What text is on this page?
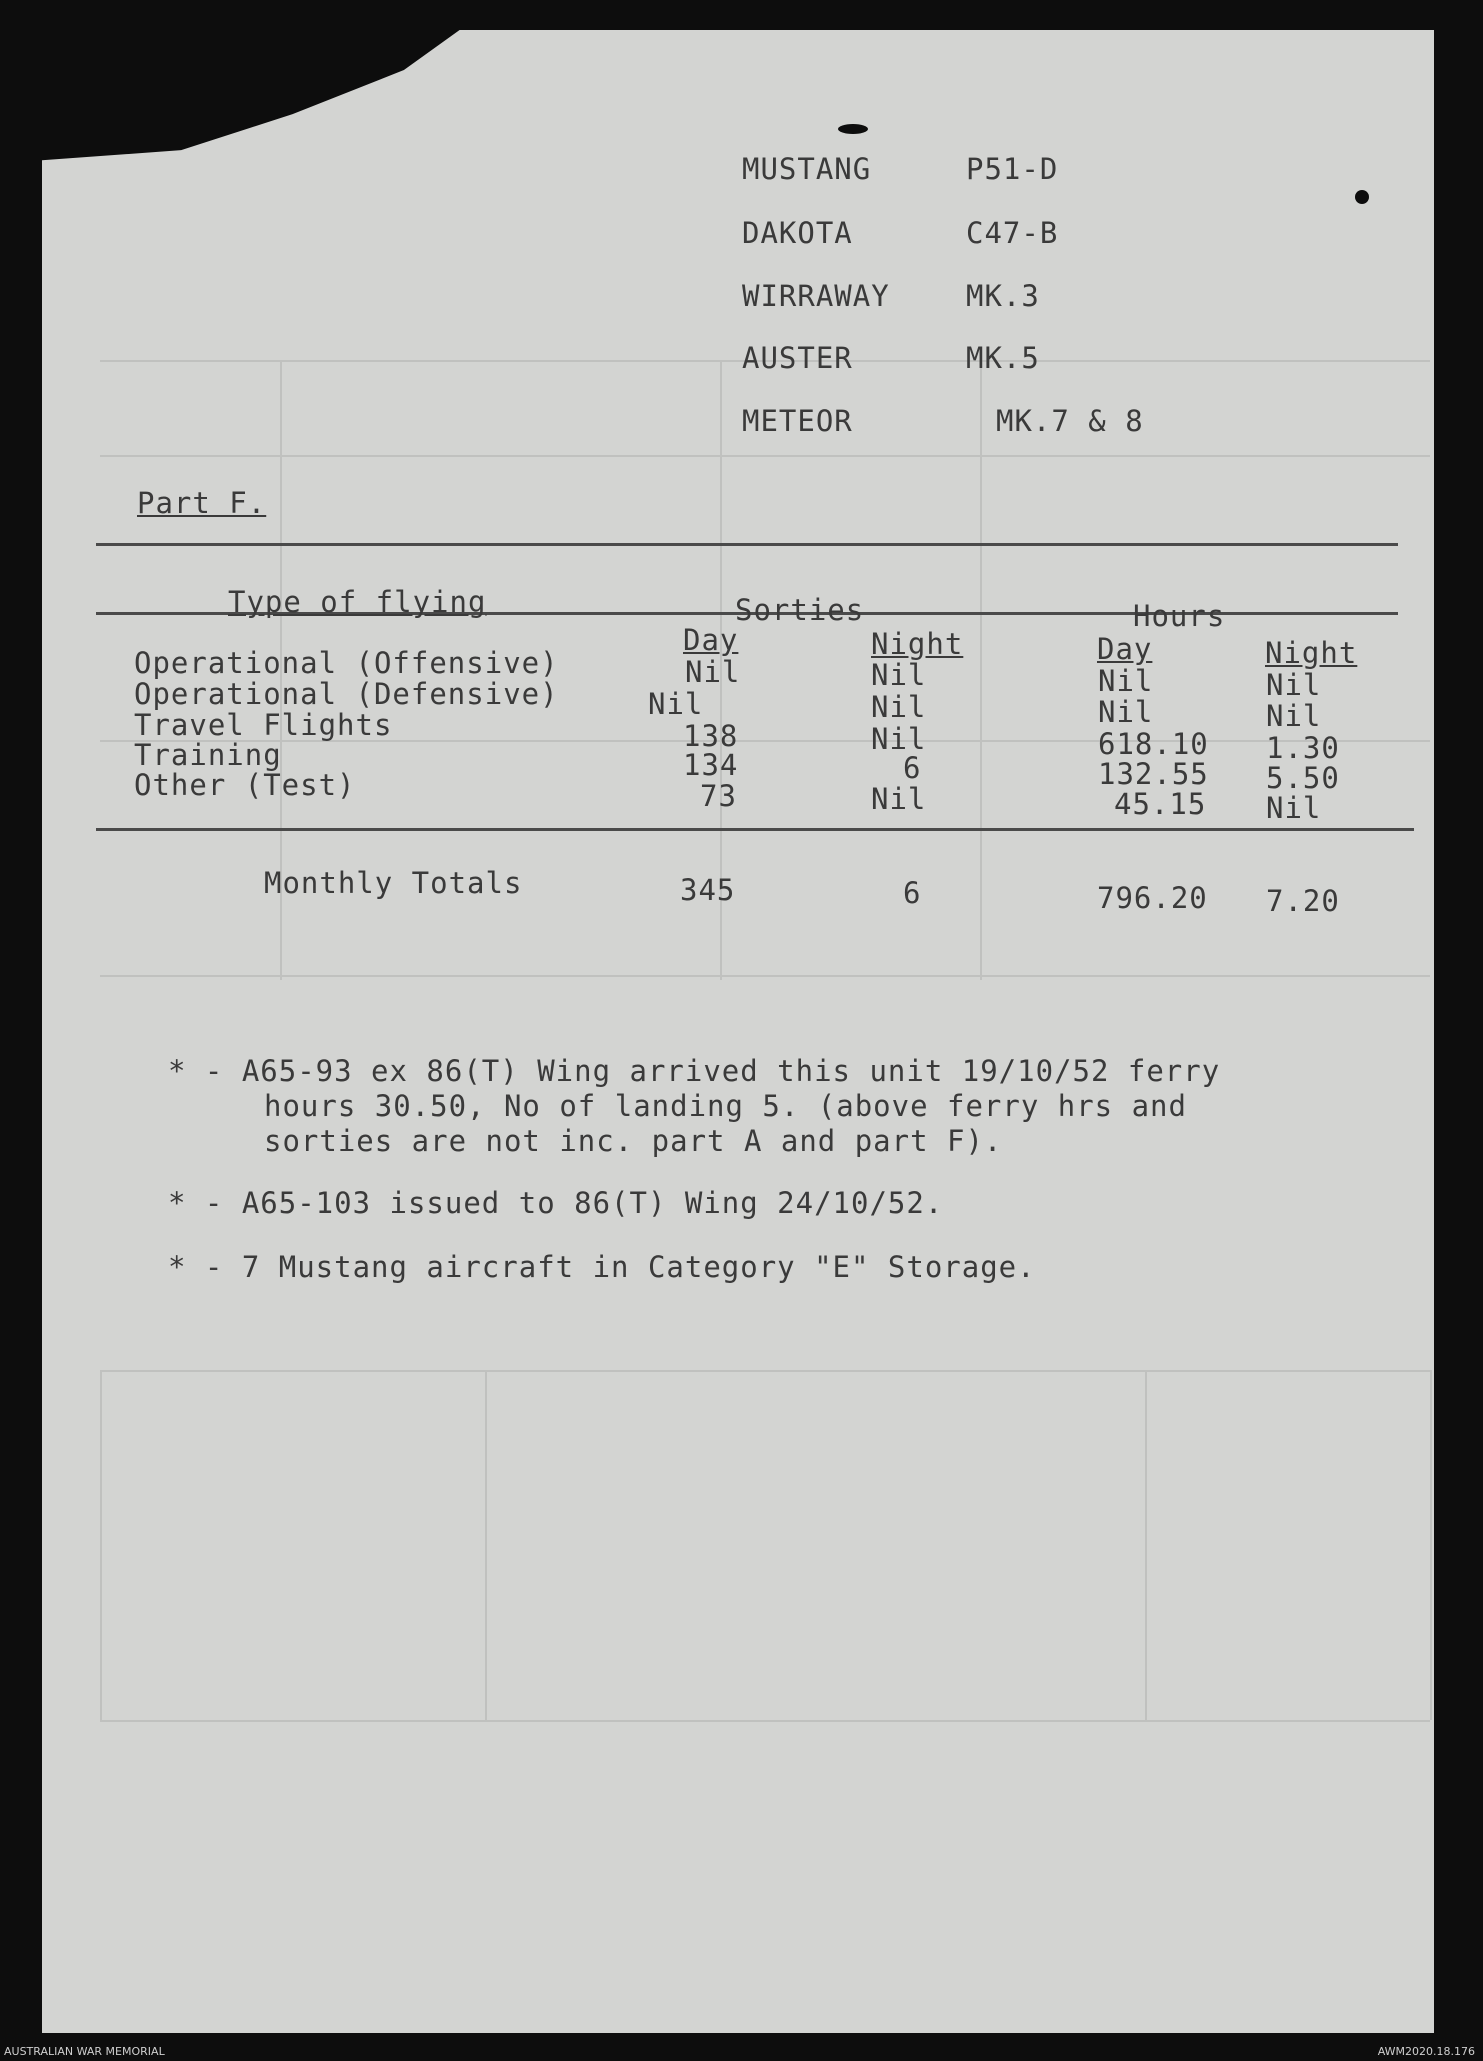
MUSTANG	P51-D
DAKOTA	C47-B
WIRRAWAY	MK.3
AUSTER	MK.5
METEOR	MK.7 & 8
Part F.
Type of flying	Sorties	Hours
Day	Night	Day	Night
Operational (Offensive)	Nil	Nil	Nil	Nil
Operational (Defensive)	Nil	Nil	Nil	Nil
Travel Flights	138	Nil	618.10 1.30
Training	134	6	132.55 5.50
Other (Test)	73	Nil	45.15 Nil
Monthly Totals	345	6	796.20 7.20
* - A65-93 ex 86(T) Wing arrived this unit 19/10/52 ferry
hours 30.50, No of landing 5. (above ferry hrs and
sorties are not inc. part A and part F).
* - A65-103 issued to 86(T) Wing 24/10/52.
* - 7 Mustang aircraft in Category "E" Storage.
AUSTRALIAN WAR MEMORIAL	AWM2020.18.176
